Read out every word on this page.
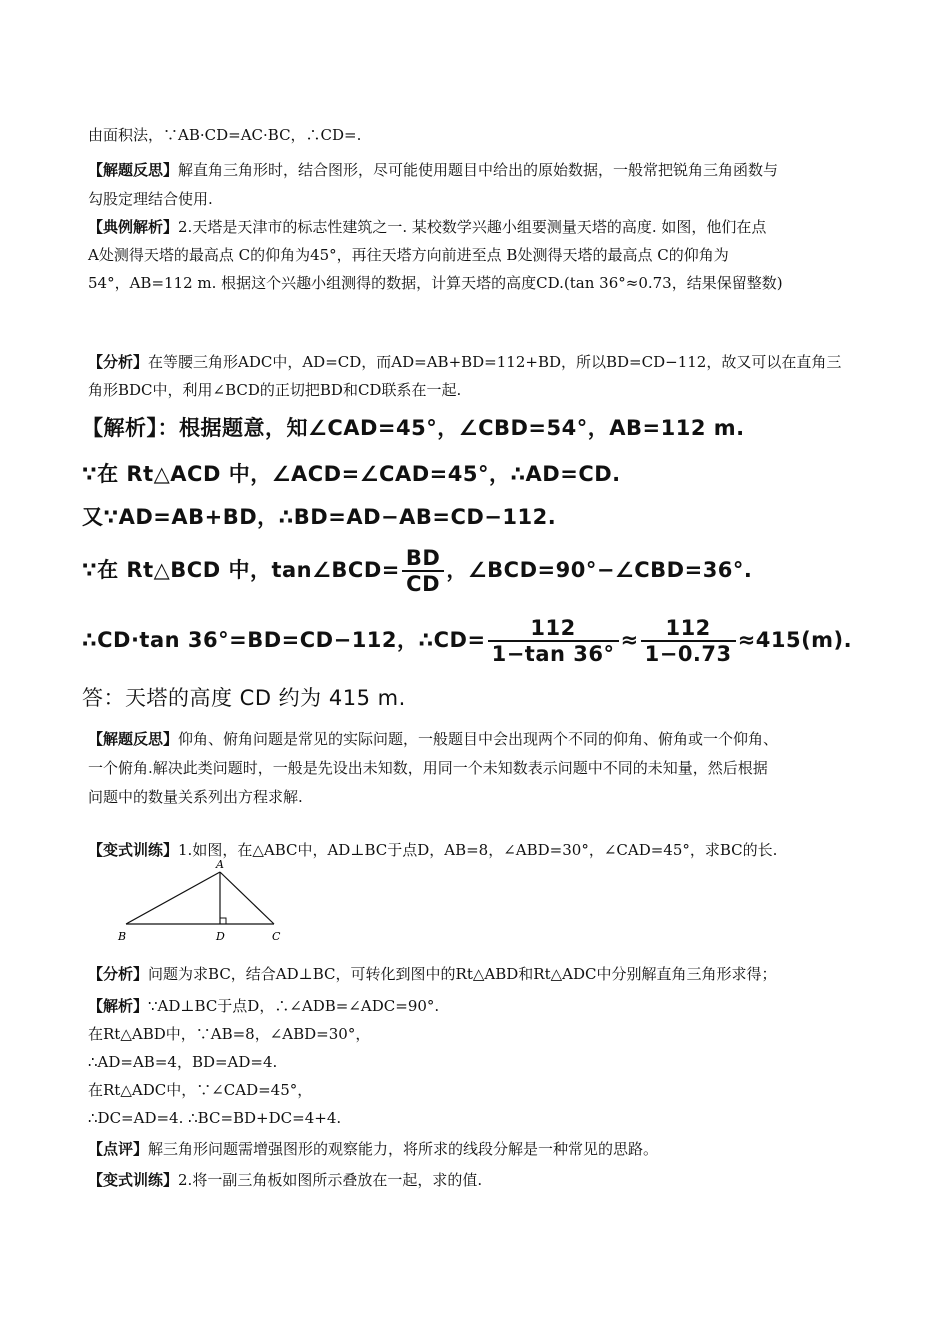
由面积法，∵AB·CD=AC·BC，∴CD=.
【解题反思】解直角三角形时，结合图形，尽可能使用题目中给出的原始数据，一般常把锐角三角函数与
勾股定理结合使用.
【典例解析】2.天塔是天津市的标志性建筑之一. 某校数学兴趣小组要测量天塔的高度. 如图，他们在点
A处测得天塔的最高点 C的仰角为45°，再往天塔方向前进至点 B处测得天塔的最高点 C的仰角为
54°，AB=112 m. 根据这个兴趣小组测得的数据，计算天塔的高度CD.(tan 36°≈0.73，结果保留整数)
【分析】在等腰三角形ADC中，AD=CD，而AD=AB+BD=112+BD，所以BD=CD−112，故又可以在直角三
角形BDC中，利用∠BCD的正切把BD和CD联系在一起.
【解析】：根据题意，知∠CAD=45°，∠CBD=54°，AB=112 m.
∵在 Rt△ACD 中，∠ACD=∠CAD=45°，∴AD=CD.
又∵AD=AB+BD，∴BD=AD−AB=CD−112.
∵在 Rt△BCD 中，tan∠BCD= $\frac{BD}{CD}$ ，∠BCD=90°−∠CBD=36°.
∴CD·tan 36°=BD=CD−112，∴CD= $\frac{112}{1-\tan 36^\circ} \approx \frac{112}{1-0.73} \approx 415(m)$.
答：天塔的高度 CD 约为 415 m.
【解题反思】仰角、俯角问题是常见的实际问题，一般题目中会出现两个不同的仰角、俯角或一个仰角、
一个俯角.解决此类问题时，一般是先设出未知数，用同一个未知数表示问题中不同的未知量，然后根据
问题中的数量关系列出方程求解.
【变式训练】1.如图，在△ABC中，AD⊥BC于点D，AB=8，∠ABD=30°，∠CAD=45°，求BC的长.
A
B	D	C
【分析】问题为求BC，结合AD⊥BC，可转化到图中的Rt△ABD和Rt△ADC中分别解直角三角形求得；
【解析】∵AD⊥BC于点D，∴∠ADB=∠ADC=90°.
在Rt△ABD中，∵AB=8，∠ABD=30°，
∴AD=AB=4，BD=AD=4.
在Rt△ADC中，∵∠CAD=45°，
∴DC=AD=4. ∴BC=BD+DC=4+4.
【点评】解三角形问题需增强图形的观察能力，将所求的线段分解是一种常见的思路。
【变式训练】2.将一副三角板如图所示叠放在一起，求的值.
